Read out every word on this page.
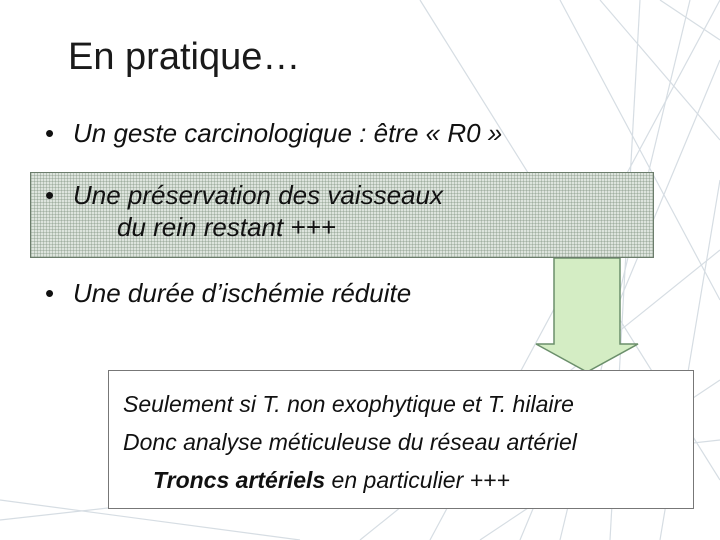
En pratique…
• Un geste carcinologique : être « R0 »
• Une préservation des vaisseaux
du rein restant +++
• Une durée d’ischémie réduite
Seulement si T. non exophytique et T. hilaire
Donc analyse méticuleuse du réseau artériel
Troncs artériels en particulier +++
